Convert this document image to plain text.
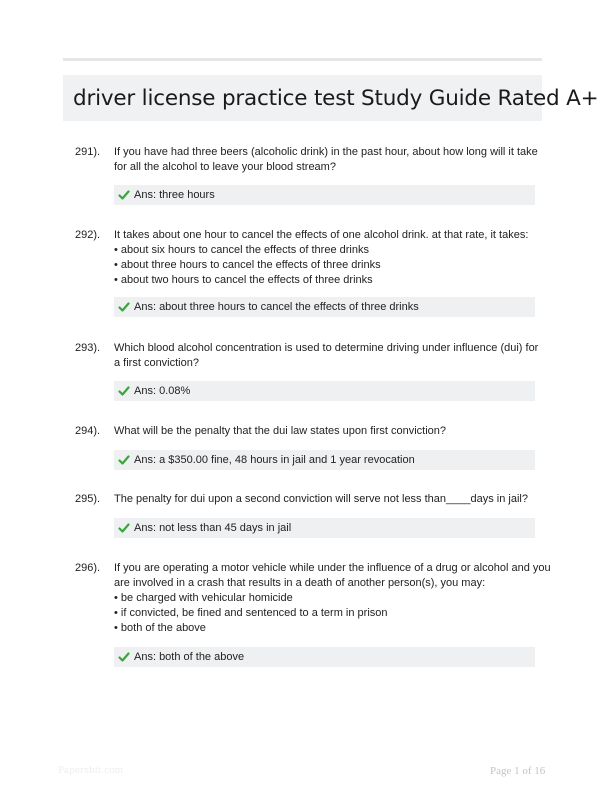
driver license practice test Study Guide Rated A+
291). If you have had three beers (alcoholic drink) in the past hour, about how long will it take
for all the alcohol to leave your blood stream?
Ans: three hours
292). It takes about one hour to cancel the effects of one alcohol drink. at that rate, it takes:
• about six hours to cancel the effects of three drinks
• about three hours to cancel the effects of three drinks
• about two hours to cancel the effects of three drinks
Ans: about three hours to cancel the effects of three drinks
293). Which blood alcohol concentration is used to determine driving under influence (dui) for
a first conviction?
Ans: 0.08%
294). What will be the penalty that the dui law states upon first conviction?
Ans: a $350.00 fine, 48 hours in jail and 1 year revocation
295). The penalty for dui upon a second conviction will serve not less than____days in jail?
Ans: not less than 45 days in jail
296). If you are operating a motor vehicle while under the influence of a drug or alcohol and you
are involved in a crash that results in a death of another person(s), you may:
• be charged with vehicular homicide
• if convicted, be fined and sentenced to a term in prison
• both of the above
Ans: both of the above
Papersbit.com	Page 1 of 16
